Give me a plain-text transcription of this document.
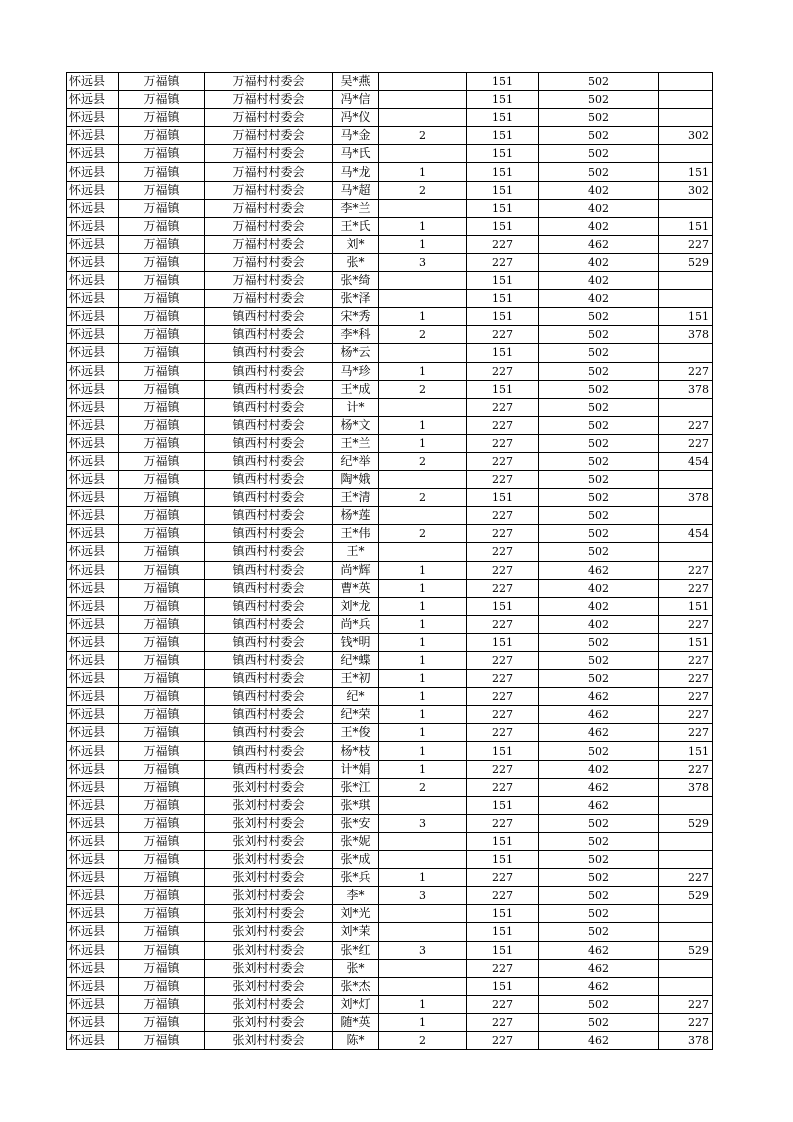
怀远县	万福镇	万福村村委会	吴*燕		151	502	
怀远县	万福镇	万福村村委会	冯*信		151	502	
怀远县	万福镇	万福村村委会	冯*仪		151	502	
怀远县	万福镇	万福村村委会	马*金	2	151	502	302
怀远县	万福镇	万福村村委会	马*氏		151	502	
怀远县	万福镇	万福村村委会	马*龙	1	151	502	151
怀远县	万福镇	万福村村委会	马*超	2	151	402	302
怀远县	万福镇	万福村村委会	李*兰		151	402	
怀远县	万福镇	万福村村委会	王*氏	1	151	402	151
怀远县	万福镇	万福村村委会	刘*	1	227	462	227
怀远县	万福镇	万福村村委会	张*	3	227	402	529
怀远县	万福镇	万福村村委会	张*绮		151	402	
怀远县	万福镇	万福村村委会	张*泽		151	402	
怀远县	万福镇	镇西村村委会	宋*秀	1	151	502	151
怀远县	万福镇	镇西村村委会	李*科	2	227	502	378
怀远县	万福镇	镇西村村委会	杨*云		151	502	
怀远县	万福镇	镇西村村委会	马*珍	1	227	502	227
怀远县	万福镇	镇西村村委会	王*成	2	151	502	378
怀远县	万福镇	镇西村村委会	计*		227	502	
怀远县	万福镇	镇西村村委会	杨*文	1	227	502	227
怀远县	万福镇	镇西村村委会	王*兰	1	227	502	227
怀远县	万福镇	镇西村村委会	纪*举	2	227	502	454
怀远县	万福镇	镇西村村委会	陶*娥		227	502	
怀远县	万福镇	镇西村村委会	王*清	2	151	502	378
怀远县	万福镇	镇西村村委会	杨*莲		227	502	
怀远县	万福镇	镇西村村委会	王*伟	2	227	502	454
怀远县	万福镇	镇西村村委会	王*		227	502	
怀远县	万福镇	镇西村村委会	尚*辉	1	227	462	227
怀远县	万福镇	镇西村村委会	曹*英	1	227	402	227
怀远县	万福镇	镇西村村委会	刘*龙	1	151	402	151
怀远县	万福镇	镇西村村委会	尚*兵	1	227	402	227
怀远县	万福镇	镇西村村委会	钱*明	1	151	502	151
怀远县	万福镇	镇西村村委会	纪*蝶	1	227	502	227
怀远县	万福镇	镇西村村委会	王*初	1	227	502	227
怀远县	万福镇	镇西村村委会	纪*	1	227	462	227
怀远县	万福镇	镇西村村委会	纪*荣	1	227	462	227
怀远县	万福镇	镇西村村委会	王*俊	1	227	462	227
怀远县	万福镇	镇西村村委会	杨*枝	1	151	502	151
怀远县	万福镇	镇西村村委会	计*娟	1	227	402	227
怀远县	万福镇	张刘村村委会	张*江	2	227	462	378
怀远县	万福镇	张刘村村委会	张*琪		151	462	
怀远县	万福镇	张刘村村委会	张*安	3	227	502	529
怀远县	万福镇	张刘村村委会	张*妮		151	502	
怀远县	万福镇	张刘村村委会	张*成		151	502	
怀远县	万福镇	张刘村村委会	张*兵	1	227	502	227
怀远县	万福镇	张刘村村委会	李*	3	227	502	529
怀远县	万福镇	张刘村村委会	刘*光		151	502	
怀远县	万福镇	张刘村村委会	刘*茉		151	502	
怀远县	万福镇	张刘村村委会	张*红	3	151	462	529
怀远县	万福镇	张刘村村委会	张*		227	462	
怀远县	万福镇	张刘村村委会	张*杰		151	462	
怀远县	万福镇	张刘村村委会	刘*灯	1	227	502	227
怀远县	万福镇	张刘村村委会	随*英	1	227	502	227
怀远县	万福镇	张刘村村委会	陈*	2	227	462	378
